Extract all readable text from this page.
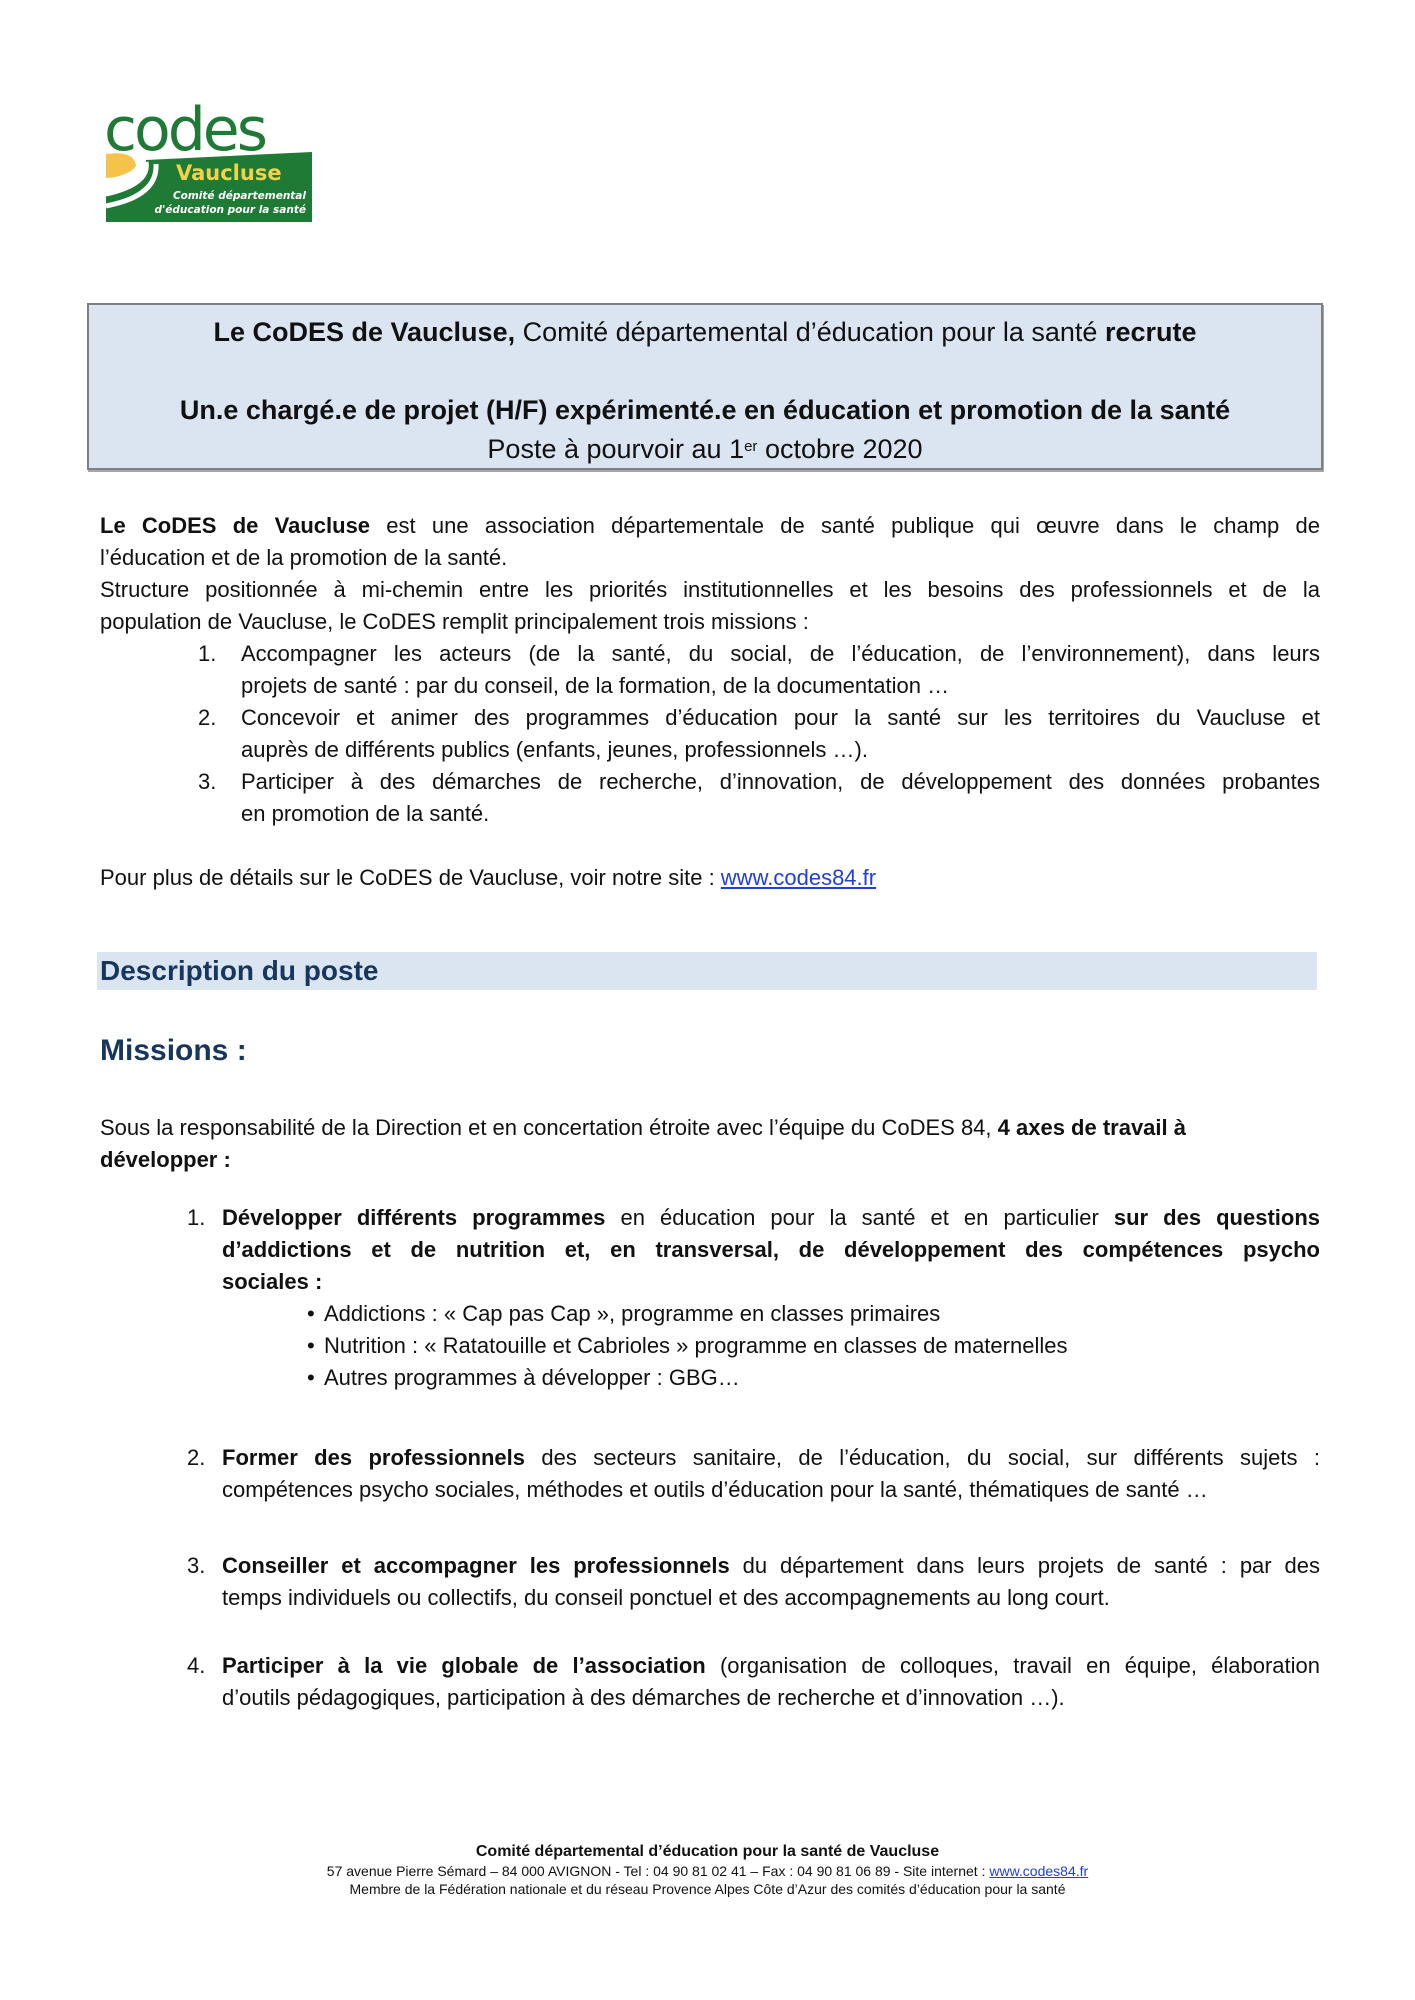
codes
Vaucluse
Comité départemental
d'éducation pour la santé
Le CoDES de Vaucluse, Comité départemental d’éducation pour la santé recrute
Un.e chargé.e de projet (H/F) expérimenté.e en éducation et promotion de la santé
Poste à pourvoir au 1er octobre 2020
Le CoDES de Vaucluse est une association départementale de santé publique qui œuvre dans le champ de
l’éducation et de la promotion de la santé.
Structure positionnée à mi-chemin entre les priorités institutionnelles et les besoins des professionnels et de la
population de Vaucluse, le CoDES remplit principalement trois missions :
1. Accompagner les acteurs (de la santé, du social, de l’éducation, de l’environnement), dans leurs
projets de santé : par du conseil, de la formation, de la documentation …
2. Concevoir et animer des programmes d’éducation pour la santé sur les territoires du Vaucluse et
auprès de différents publics (enfants, jeunes, professionnels …).
3. Participer à des démarches de recherche, d’innovation, de développement des données probantes
en promotion de la santé.
Pour plus de détails sur le CoDES de Vaucluse, voir notre site : www.codes84.fr
Description du poste
Missions :
Sous la responsabilité de la Direction et en concertation étroite avec l’équipe du CoDES 84, 4 axes de travail à
développer :
1. Développer différents programmes en éducation pour la santé et en particulier sur des questions
d’addictions et de nutrition et, en transversal, de développement des compétences psycho
sociales :
• Addictions : « Cap pas Cap », programme en classes primaires
• Nutrition : « Ratatouille et Cabrioles » programme en classes de maternelles
• Autres programmes à développer : GBG…
2. Former des professionnels des secteurs sanitaire, de l’éducation, du social, sur différents sujets :
compétences psycho sociales, méthodes et outils d’éducation pour la santé, thématiques de santé …
3. Conseiller et accompagner les professionnels du département dans leurs projets de santé : par des
temps individuels ou collectifs, du conseil ponctuel et des accompagnements au long court.
4. Participer à la vie globale de l’association (organisation de colloques, travail en équipe, élaboration
d’outils pédagogiques, participation à des démarches de recherche et d’innovation …).
Comité départemental d’éducation pour la santé de Vaucluse
57 avenue Pierre Sémard – 84 000 AVIGNON - Tel : 04 90 81 02 41 – Fax : 04 90 81 06 89 - Site internet : www.codes84.fr
Membre de la Fédération nationale et du réseau Provence Alpes Côte d’Azur des comités d’éducation pour la santé
